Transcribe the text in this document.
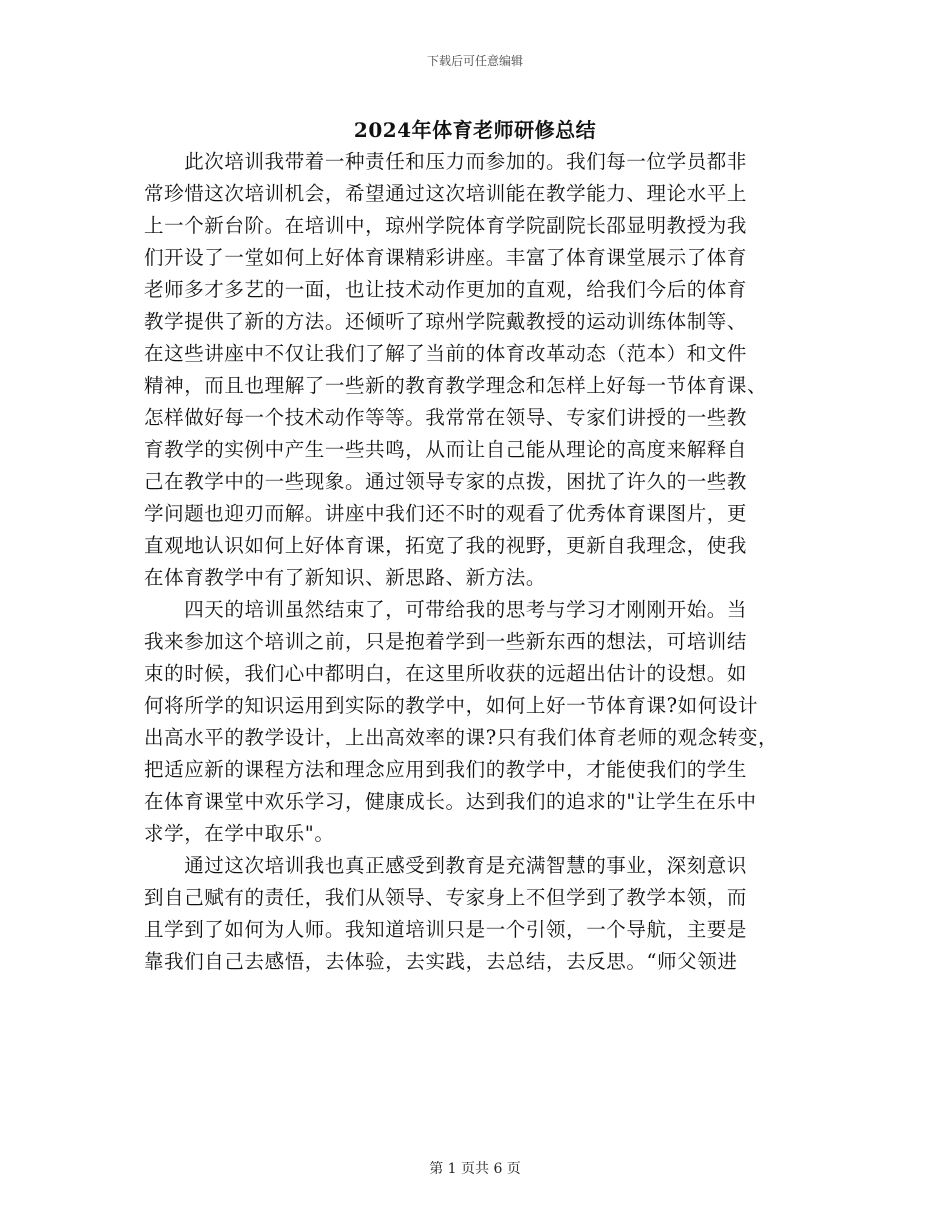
下载后可任意编辑
2024年体育老师研修总结
　　此次培训我带着一种责任和压力而参加的。我们每一位学员都非
常珍惜这次培训机会，希望通过这次培训能在教学能力、理论水平上
上一个新台阶。在培训中，琼州学院体育学院副院长邵显明教授为我
们开设了一堂如何上好体育课精彩讲座。丰富了体育课堂展示了体育
老师多才多艺的一面，也让技术动作更加的直观，给我们今后的体育
教学提供了新的方法。还倾听了琼州学院戴教授的运动训练体制等、
在这些讲座中不仅让我们了解了当前的体育改革动态（范本）和文件
精神，而且也理解了一些新的教育教学理念和怎样上好每一节体育课、
怎样做好每一个技术动作等等。我常常在领导、专家们讲授的一些教
育教学的实例中产生一些共鸣，从而让自己能从理论的高度来解释自
己在教学中的一些现象。通过领导专家的点拨，困扰了许久的一些教
学问题也迎刃而解。讲座中我们还不时的观看了优秀体育课图片，更
直观地认识如何上好体育课，拓宽了我的视野，更新自我理念，使我
在体育教学中有了新知识、新思路、新方法。
　　四天的培训虽然结束了，可带给我的思考与学习才刚刚开始。当
我来参加这个培训之前，只是抱着学到一些新东西的想法，可培训结
束的时候，我们心中都明白，在这里所收获的远超出估计的设想。如
何将所学的知识运用到实际的教学中，如何上好一节体育课?如何设计
出高水平的教学设计，上出高效率的课?只有我们体育老师的观念转变，
把适应新的课程方法和理念应用到我们的教学中，才能使我们的学生
在体育课堂中欢乐学习，健康成长。达到我们的追求的"让学生在乐中
求学，在学中取乐"。
　　通过这次培训我也真正感受到教育是充满智慧的事业，深刻意识
到自己赋有的责任，我们从领导、专家身上不但学到了教学本领，而
且学到了如何为人师。我知道培训只是一个引领，一个导航，主要是
靠我们自己去感悟，去体验，去实践，去总结，去反思。“师父领进
第 1 页共 6 页
